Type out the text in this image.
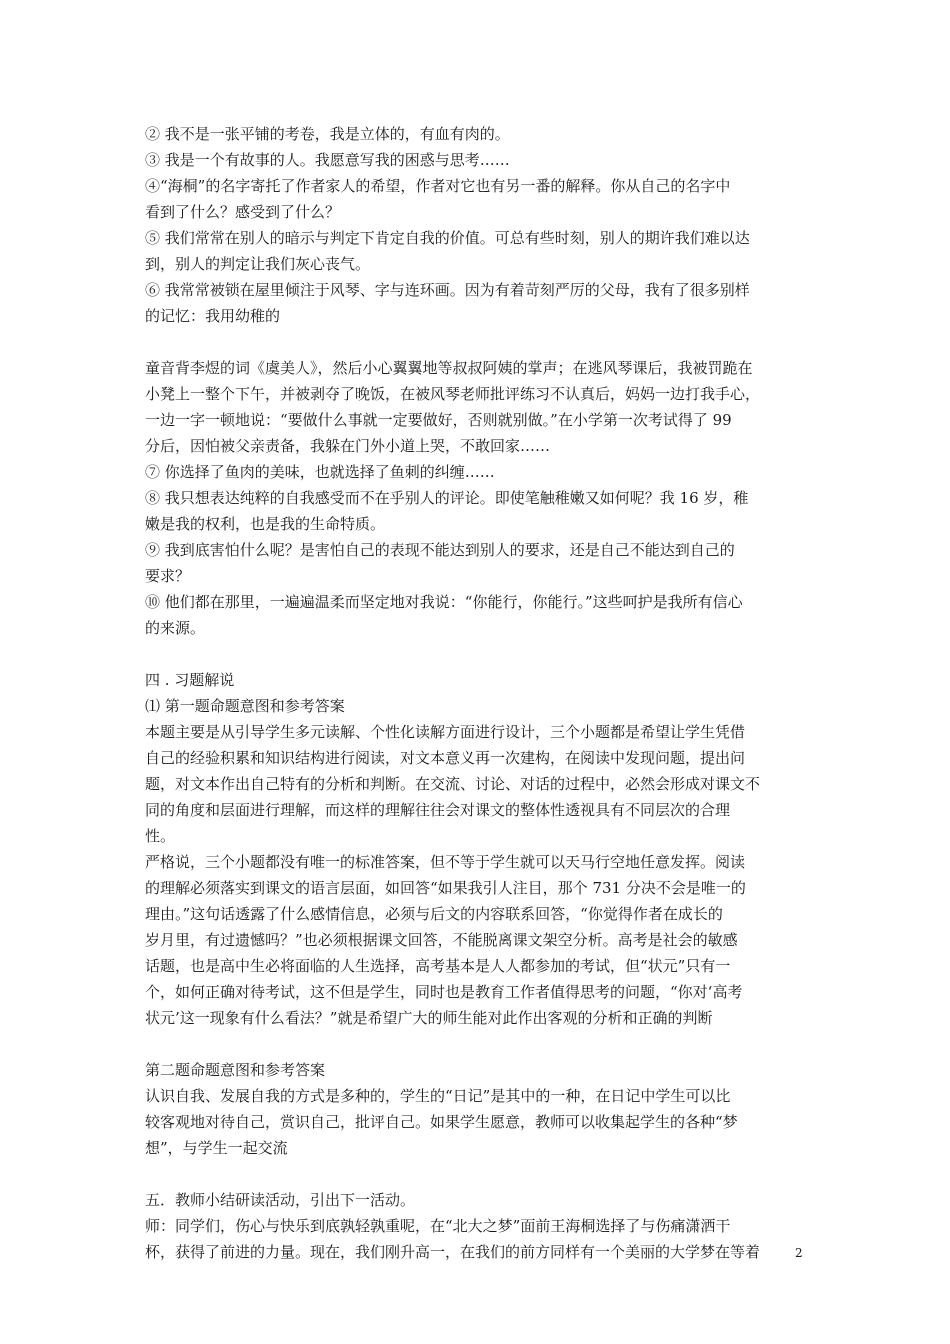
② 我不是一张平铺的考卷，我是立体的，有血有肉的。
③ 我是一个有故事的人。我愿意写我的困惑与思考……
④“海桐”的名字寄托了作者家人的希望，作者对它也有另一番的解释。你从自己的名字中
看到了什么？感受到了什么？
⑤ 我们常常在别人的暗示与判定下肯定自我的价值。可总有些时刻，别人的期许我们难以达
到，别人的判定让我们灰心丧气。
⑥ 我常常被锁在屋里倾注于风琴、字与连环画。因为有着苛刻严厉的父母，我有了很多别样
的记忆：我用幼稚的
童音背李煜的词《虞美人》，然后小心翼翼地等叔叔阿姨的掌声；在逃风琴课后，我被罚跪在
小凳上一整个下午，并被剥夺了晚饭，在被风琴老师批评练习不认真后，妈妈一边打我手心，
一边一字一顿地说：“要做什么事就一定要做好，否则就别做。”在小学第一次考试得了 99
分后，因怕被父亲责备，我躲在门外小道上哭，不敢回家……
⑦ 你选择了鱼肉的美味，也就选择了鱼刺的纠缠……
⑧ 我只想表达纯粹的自我感受而不在乎别人的评论。即使笔触稚嫩又如何呢？我 16 岁，稚
嫩是我的权利，也是我的生命特质。
⑨ 我到底害怕什么呢？是害怕自己的表现不能达到别人的要求，还是自己不能达到自己的
要求？
⑩ 他们都在那里，一遍遍温柔而坚定地对我说：“你能行，你能行。”这些呵护是我所有信心
的来源。
四 . 习题解说
⑴ 第一题命题意图和参考答案
本题主要是从引导学生多元读解、个性化读解方面进行设计，三个小题都是希望让学生凭借
自己的经验积累和知识结构进行阅读，对文本意义再一次建构，在阅读中发现问题，提出问
题，对文本作出自己特有的分析和判断。在交流、讨论、对话的过程中，必然会形成对课文不
同的角度和层面进行理解，而这样的理解往往会对课文的整体性透视具有不同层次的合理
性。
严格说，三个小题都没有唯一的标准答案，但不等于学生就可以天马行空地任意发挥。阅读
的理解必须落实到课文的语言层面，如回答“如果我引人注目，那个 731 分决不会是唯一的
理由。”这句话透露了什么感情信息，必须与后文的内容联系回答，“你觉得作者在成长的
岁月里，有过遗憾吗？”也必须根据课文回答，不能脱离课文架空分析。高考是社会的敏感
话题，也是高中生必将面临的人生选择，高考基本是人人都参加的考试，但“状元”只有一
个，如何正确对待考试，这不但是学生，同时也是教育工作者值得思考的问题，“你对‘高考
状元’这一现象有什么看法？”就是希望广大的师生能对此作出客观的分析和正确的判断
第二题命题意图和参考答案
认识自我、发展自我的方式是多种的，学生的“日记”是其中的一种，在日记中学生可以比
较客观地对待自己，赏识自己，批评自己。如果学生愿意，教师可以收集起学生的各种“梦
想”，与学生一起交流
五．教师小结研读活动，引出下一活动。
师：同学们，伤心与快乐到底孰轻孰重呢，在“北大之梦”面前王海桐选择了与伤痛潇洒干
杯，获得了前进的力量。现在，我们刚升高一，在我们的前方同样有一个美丽的大学梦在等着	2
